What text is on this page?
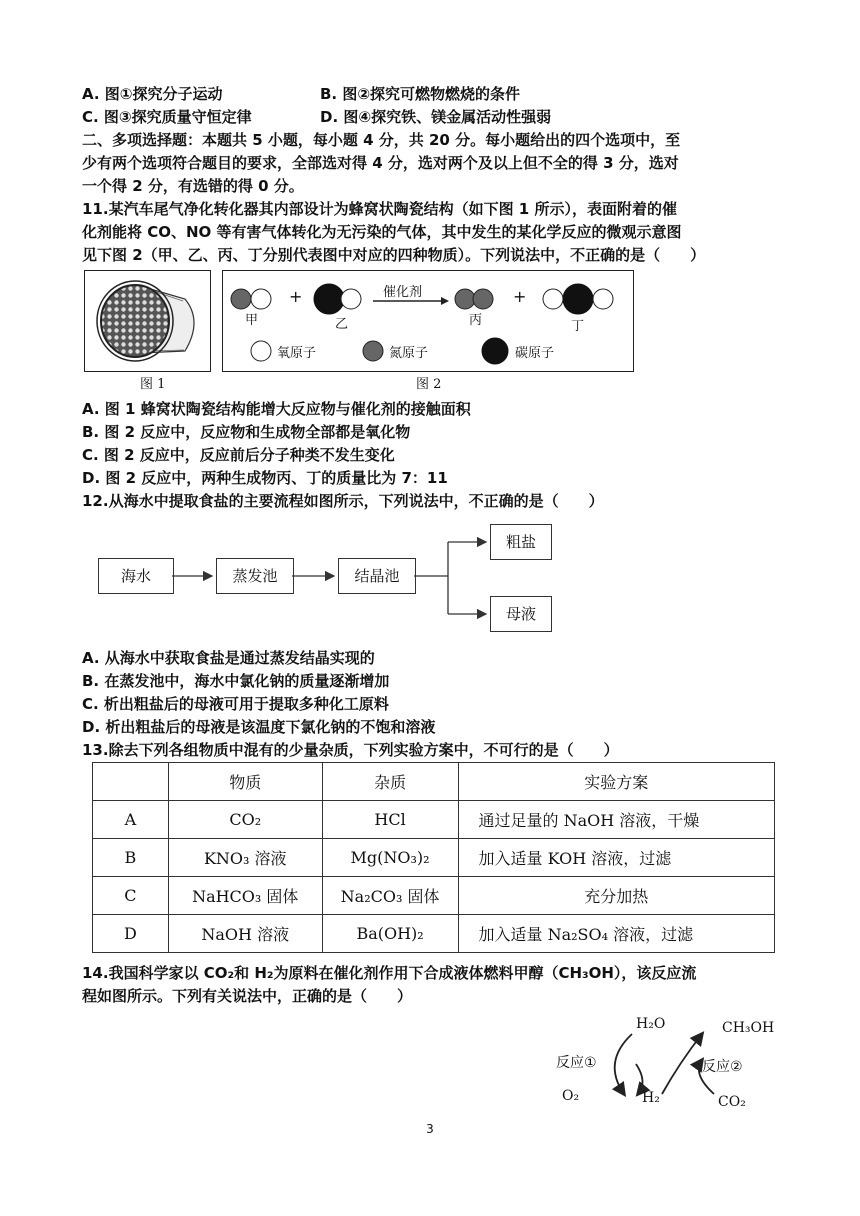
A. 图①探究分子运动	B. 图②探究可燃物燃烧的条件
C. 图③探究质量守恒定律	D. 图④探究铁、镁金属活动性强弱
二、多项选择题：本题共 5 小题，每小题 4 分，共 20 分。每小题给出的四个选项中，至
少有两个选项符合题目的要求，全部选对得 4 分，选对两个及以上但不全的得 3 分，选对
一个得 2 分，有选错的得 0 分。
11.某汽车尾气净化转化器其内部设计为蜂窝状陶瓷结构（如下图 1 所示），表面附着的催
化剂能将 CO、NO 等有害气体转化为无污染的气体，其中发生的某化学反应的微观示意图
见下图 2（甲、乙、丙、丁分别代表图中对应的四种物质）。下列说法中，不正确的是（　　）
图 1
+	+
催化剂
甲	乙	丙	丁
氧原子	氮原子	碳原子
图 2
A. 图 1 蜂窝状陶瓷结构能增大反应物与催化剂的接触面积
B. 图 2 反应中，反应物和生成物全部都是氧化物
C. 图 2 反应中，反应前后分子种类不发生变化
D. 图 2 反应中，两种生成物丙、丁的质量比为 7：11
12.从海水中提取食盐的主要流程如图所示，下列说法中，不正确的是（　　）
海水	蒸发池	结晶池
粗盐
母液
A. 从海水中获取食盐是通过蒸发结晶实现的
B. 在蒸发池中，海水中氯化钠的质量逐渐增加
C. 析出粗盐后的母液可用于提取多种化工原料
D. 析出粗盐后的母液是该温度下氯化钠的不饱和溶液
13.除去下列各组物质中混有的少量杂质，下列实验方案中，不可行的是（　　）
	物质	杂质	实验方案
A	CO₂	HCl	通过足量的 NaOH 溶液，干燥
B	KNO₃ 溶液	Mg(NO₃)₂	加入适量 KOH 溶液，过滤
C	NaHCO₃ 固体	Na₂CO₃ 固体	充分加热
D	NaOH 溶液	Ba(OH)₂	加入适量 Na₂SO₄ 溶液，过滤
14.我国科学家以 CO₂和 H₂为原料在催化剂作用下合成液体燃料甲醇（CH₃OH），该反应流
程如图所示。下列有关说法中，正确的是（　　）
H₂O	CH₃OH
反应①	反应②
O₂	H₂	CO₂
3
